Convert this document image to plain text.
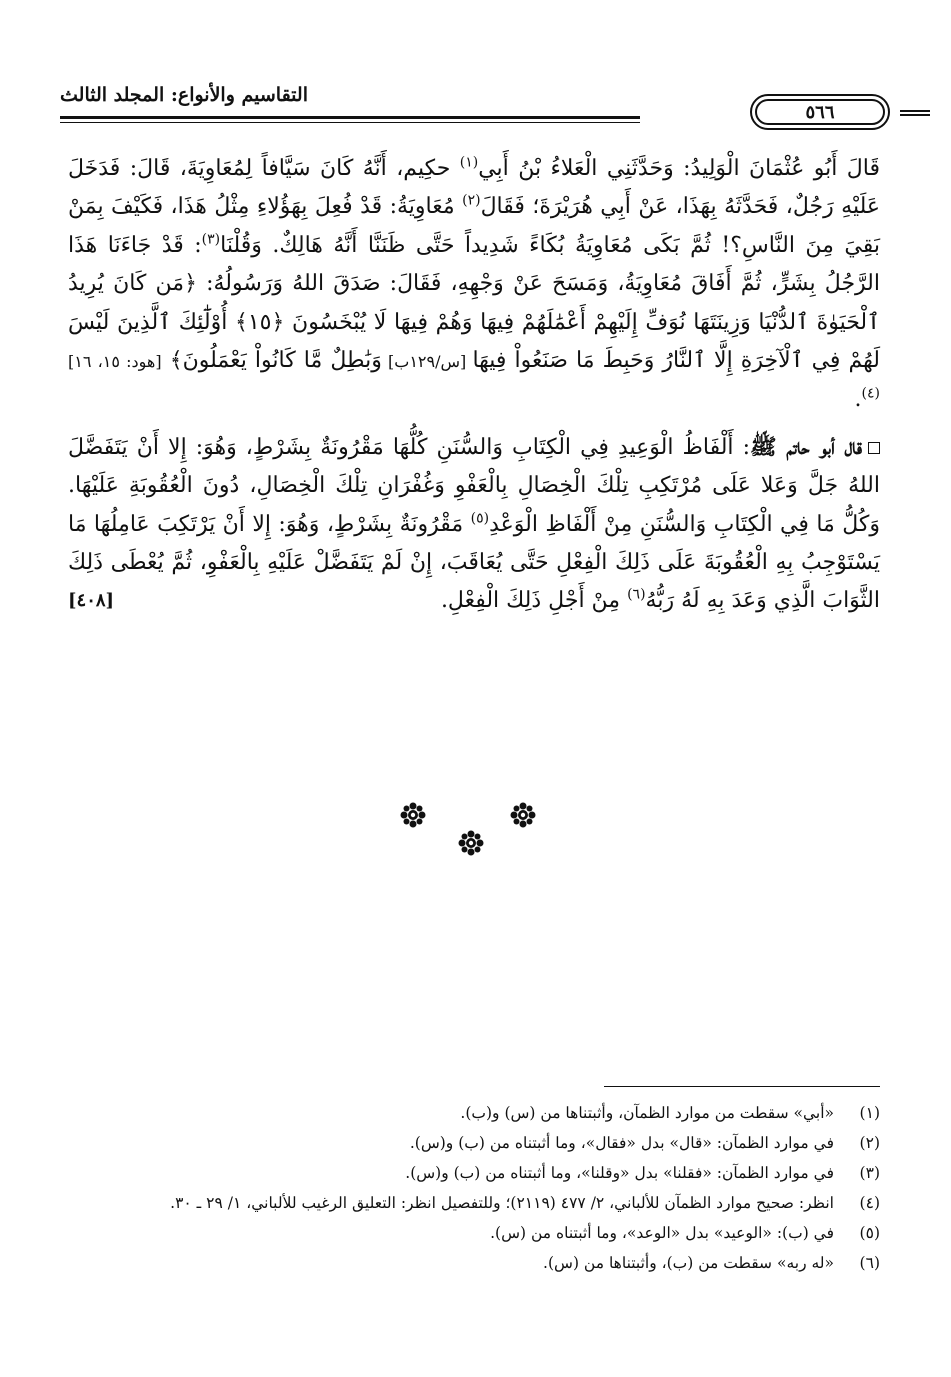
التقاسيم والأنواع: المجلد الثالث
٥٦٦

قَالَ أَبُو عُثْمَانَ الْوَلِيدُ: وَحَدَّثَنِي الْعَلاءُ بْنُ أَبِي$^{(١)}$ حكِيم، أَنَّهُ كَانَ سَيَّافاً لِمُعَاوِيَةَ، قَالَ: فَدَخَلَ عَلَيْهِ رَجُلٌ، فَحَدَّثَهُ بِهَذَا، عَنْ أَبِي هُرَيْرَةَ؛ فَقَالَ$^{(٢)}$ مُعَاوِيَةُ: قَدْ فُعِلَ بِهَؤُلاءِ مِثْلُ هَذَا، فَكَيْفَ بِمَنْ بَقِيَ مِنَ النَّاسِ؟! ثُمَّ بَكَى مُعَاوِيَةُ بُكَاءً شَدِيداً حَتَّى ظَنَنَّا أَنَّهُ هَالِكٌ. وَقُلْنَا$^{(٣)}$: قَدْ جَاءَنَا هَذَا الرَّجُلُ بِشَرٍّ، ثُمَّ أَفَاقَ مُعَاوِيَةُ، وَمَسَحَ عَنْ وَجْهِهِ، فَقَالَ: صَدَقَ اللهُ وَرَسُولُهُ: ﴿مَن كَانَ يُرِيدُ ٱلْحَيَوٰةَ ٱلدُّنْيَا وَزِينَتَهَا نُوَفِّ إِلَيْهِمْ أَعْمَٰلَهُمْ فِيهَا وَهُمْ فِيهَا لَا يُبْخَسُونَ ﴿١٥﴾ أُوْلَٰٓئِكَ ٱلَّذِينَ لَيْسَ لَهُمْ فِي ٱلْآخِرَةِ إِلَّا ٱلنَّارُ وَحَبِطَ مَا صَنَعُواْ فِيهَا [س/١٢٩ب] وَبَٰطِلٌ مَّا كَانُواْ يَعْمَلُونَ﴾ [هود: ١٥، ١٦]$^{(٤)}$.

قال أبو حاتم ﷺ: أَلْفَاظُ الْوَعِيدِ فِي الْكِتَابِ وَالسُّنَنِ كُلُّهَا مَقْرُونَةٌ بِشَرْطٍ، وَهُوَ: إِلا أَنْ يَتَفَضَّلَ اللهُ جَلَّ وَعَلا عَلَى مُرْتَكِبِ تِلْكَ الْخِصَالِ بِالْعَفْوِ وَغُفْرَانِ تِلْكَ الْخِصَالِ، دُونَ الْعُقُوبَةِ عَلَيْهَا. وَكُلُّ مَا فِي الْكِتَابِ وَالسُّنَنِ مِنْ أَلْفَاظِ الْوَعْدِ$^{(٥)}$ مَقْرُونَةٌ بِشَرْطٍ، وَهُوَ: إِلا أَنْ يَرْتَكِبَ عَامِلُهَا مَا يَسْتَوْجِبُ بِهِ الْعُقُوبَةَ عَلَى ذَلِكَ الْفِعْلِ حَتَّى يُعَاقَبَ، إِنْ لَمْ يَتَفَضَّلْ عَلَيْهِ بِالْعَفْوِ، ثُمَّ يُعْطَى ذَلِكَ الثَّوَابَ الَّذِي وَعَدَ بِهِ لَهُ رَبُّهُ$^{(٦)}$ مِنْ أَجْلِ ذَلِكَ الْفِعْلِ.
[٤٠٨]

(١)
«أبي» سقطت من موارد الظمآن، وأثبتناها من (س) و(ب).
(٢)
في موارد الظمآن: «قال» بدل «فقال»، وما أثبتناه من (ب) و(س).
(٣)
في موارد الظمآن: «فقلنا» بدل «وقلنا»، وما أثبتناه من (ب) و(س).
(٤)
انظر: صحيح موارد الظمآن للألباني، ٢/ ٤٧٧ (٢١١٩)؛ وللتفصيل انظر: التعليق الرغيب للألباني، ١/ ٢٩ ـ ٣٠.
(٥)
في (ب): «الوعيد» بدل «الوعد»، وما أثبتناه من (س).
(٦)
«له ربه» سقطت من (ب)، وأثبتناها من (س).
